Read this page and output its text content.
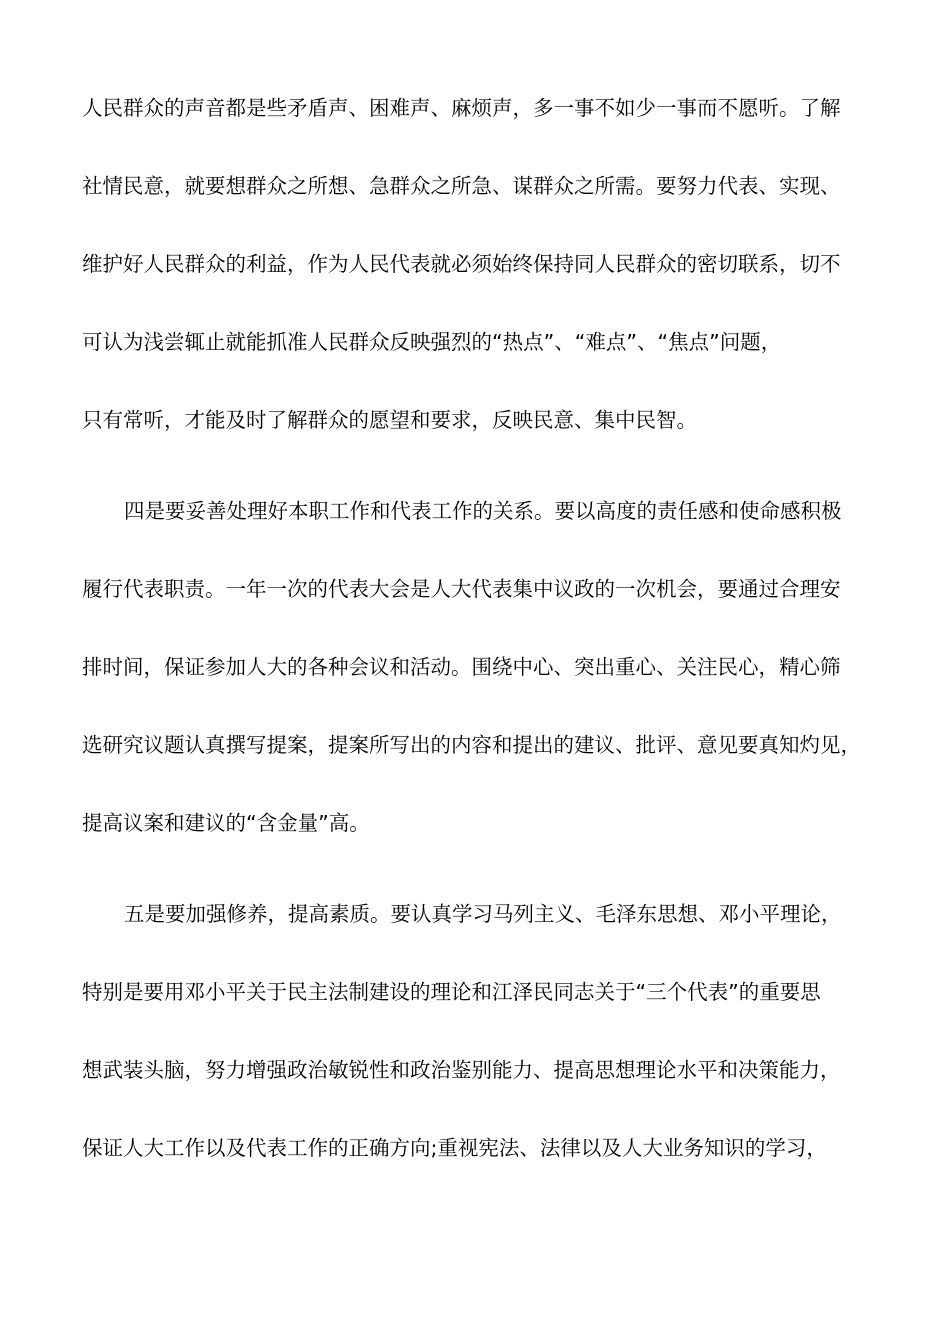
人民群众的声音都是些矛盾声、困难声、麻烦声，多一事不如少一事而不愿听。了解
社情民意，就要想群众之所想、急群众之所急、谋群众之所需。要努力代表、实现、
维护好人民群众的利益，作为人民代表就必须始终保持同人民群众的密切联系，切不
可认为浅尝辄止就能抓准人民群众反映强烈的“热点”、“难点”、“焦点”问题，
只有常听，才能及时了解群众的愿望和要求，反映民意、集中民智。
四是要妥善处理好本职工作和代表工作的关系。要以高度的责任感和使命感积极
履行代表职责。一年一次的代表大会是人大代表集中议政的一次机会，要通过合理安
排时间，保证参加人大的各种会议和活动。围绕中心、突出重心、关注民心，精心筛
选研究议题认真撰写提案，提案所写出的内容和提出的建议、批评、意见要真知灼见，
提高议案和建议的“含金量”高。
五是要加强修养，提高素质。要认真学习马列主义、毛泽东思想、邓小平理论，
特别是要用邓小平关于民主法制建设的理论和江泽民同志关于“三个代表”的重要思
想武装头脑，努力增强政治敏锐性和政治鉴别能力、提高思想理论水平和决策能力，
保证人大工作以及代表工作的正确方向;重视宪法、法律以及人大业务知识的学习，
